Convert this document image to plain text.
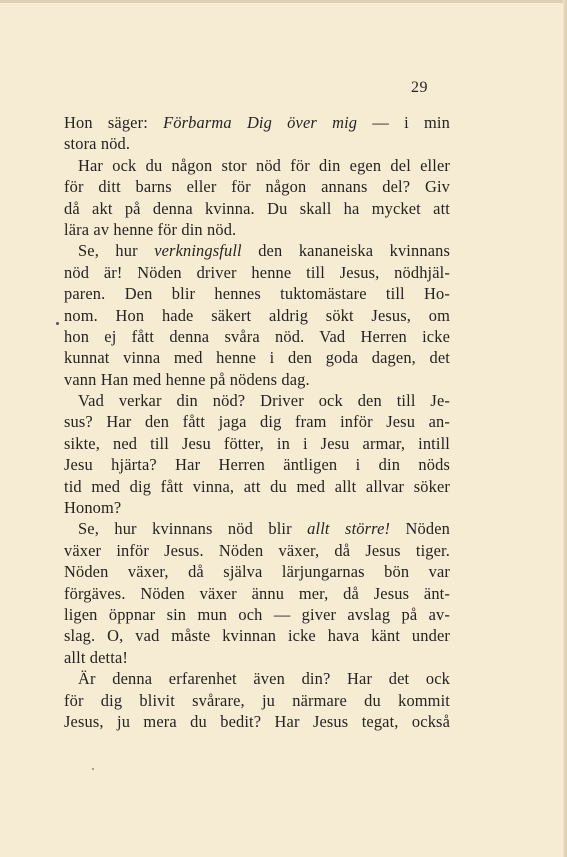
29
Hon säger: Förbarma Dig över mig — i min
stora nöd.
Har ock du någon stor nöd för din egen del eller
för ditt barns eller för någon annans del? Giv
då akt på denna kvinna. Du skall ha mycket att
lära av henne för din nöd.
Se, hur verkningsfull den kananeiska kvinnans
nöd är! Nöden driver henne till Jesus, nödhjäl-
paren. Den blir hennes tuktomästare till Ho-
nom. Hon hade säkert aldrig sökt Jesus, om
hon ej fått denna svåra nöd. Vad Herren icke
kunnat vinna med henne i den goda dagen, det
vann Han med henne på nödens dag.
Vad verkar din nöd? Driver ock den till Je-
sus? Har den fått jaga dig fram inför Jesu an-
sikte, ned till Jesu fötter, in i Jesu armar, intill
Jesu hjärta? Har Herren äntligen i din nöds
tid med dig fått vinna, att du med allt allvar söker
Honom?
Se, hur kvinnans nöd blir allt större! Nöden
växer inför Jesus. Nöden växer, då Jesus tiger.
Nöden växer, då själva lärjungarnas bön var
förgäves. Nöden växer ännu mer, då Jesus änt-
ligen öppnar sin mun och — giver avslag på av-
slag. O, vad måste kvinnan icke hava känt under
allt detta!
Är denna erfarenhet även din? Har det ock
för dig blivit svårare, ju närmare du kommit
Jesus, ju mera du bedit? Har Jesus tegat, också
